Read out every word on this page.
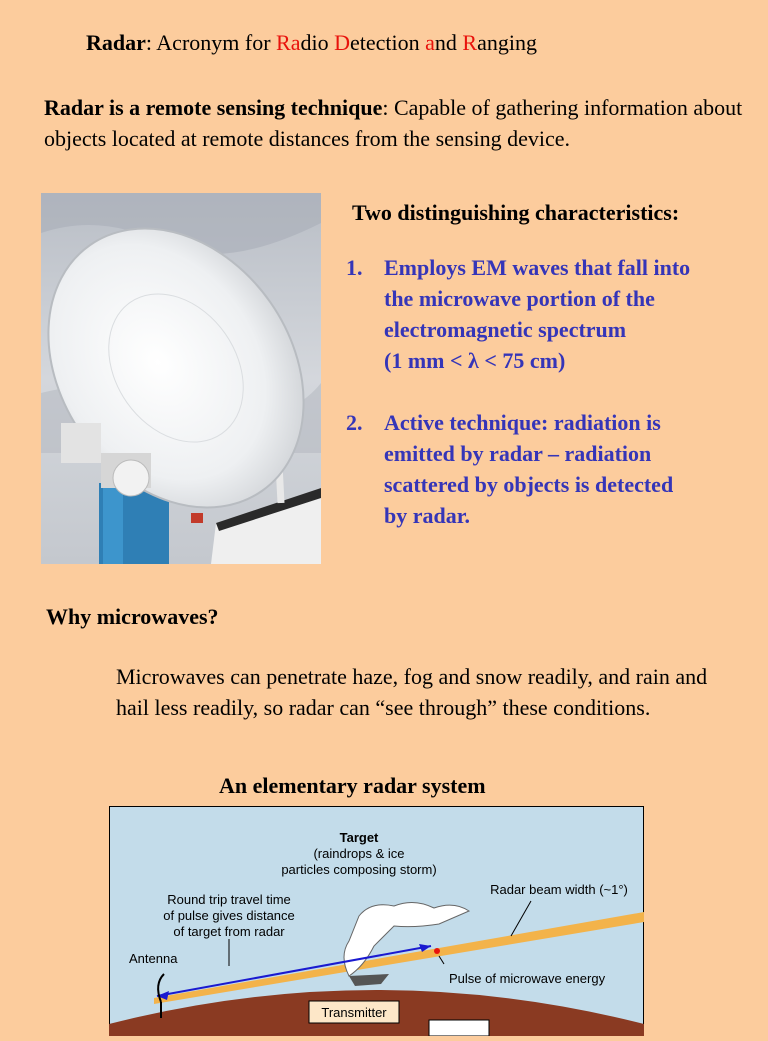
Radar: Acronym for Radio Detection and Ranging
Radar is a remote sensing technique: Capable of gathering information about objects located at remote distances from the sensing device.
Two distinguishing characteristics:
1. Employs EM waves that fall into
the microwave portion of the
electromagnetic spectrum
(1 mm < λ < 75 cm)
2. Active technique: radiation is
emitted by radar – radiation
scattered by objects is detected
by radar.
Why microwaves?
Microwaves can penetrate haze, fog and snow readily, and rain and hail less readily, so radar can “see through” these conditions.
An elementary radar system
Target
(raindrops & ice
particles composing storm)
Radar beam width (~1°)
Round trip travel time
of pulse gives distance
of target from radar
Antenna
Pulse of microwave energy
Transmitter
